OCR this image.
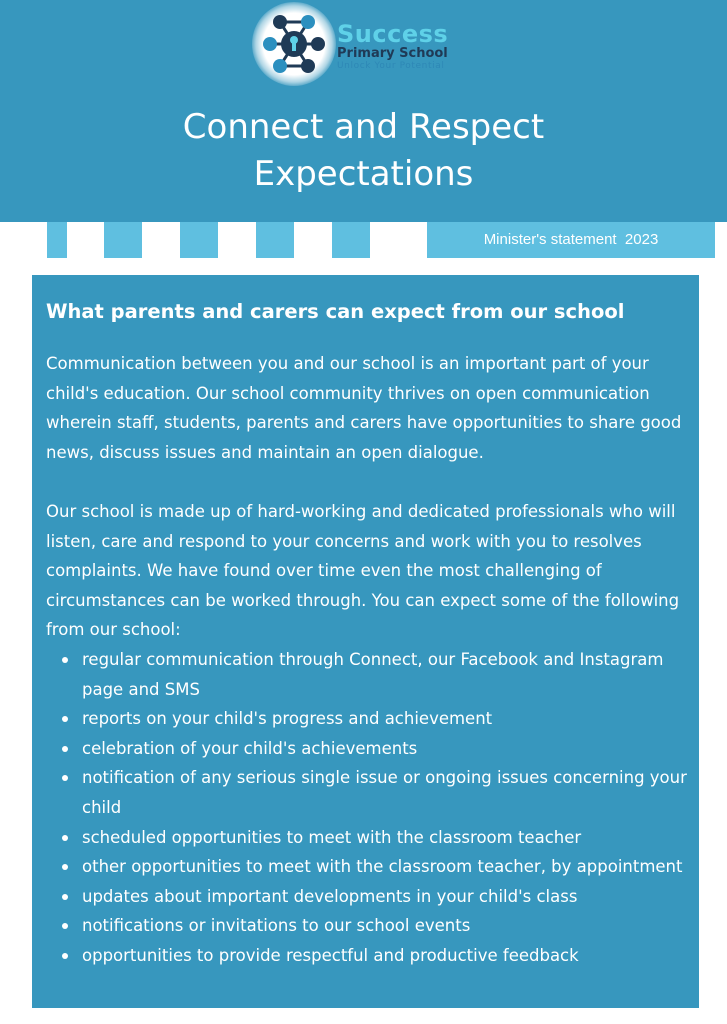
Success
Primary School
Unlock Your Potential
Connect and Respect
Expectations
Minister's statement  2023
What parents and carers can expect from our school

Communication between you and our school is an important part of your child's education. Our school community thrives on open communication wherein staff, students, parents and carers have opportunities to share good news, discuss issues and maintain an open dialogue.

Our school is made up of hard-working and dedicated professionals who will listen, care and respond to your concerns and work with you to resolves complaints. We have found over time even the most challenging of circumstances can be worked through. You can expect some of the following from our school:

regular communication through Connect, our Facebook and Instagram page and SMS
reports on your child's progress and achievement
celebration of your child's achievements
notification of any serious single issue or ongoing issues concerning your child
scheduled opportunities to meet with the classroom teacher
other opportunities to meet with the classroom teacher, by appointment
updates about important developments in your child's class
notifications or invitations to our school events
opportunities to provide respectful and productive feedback
